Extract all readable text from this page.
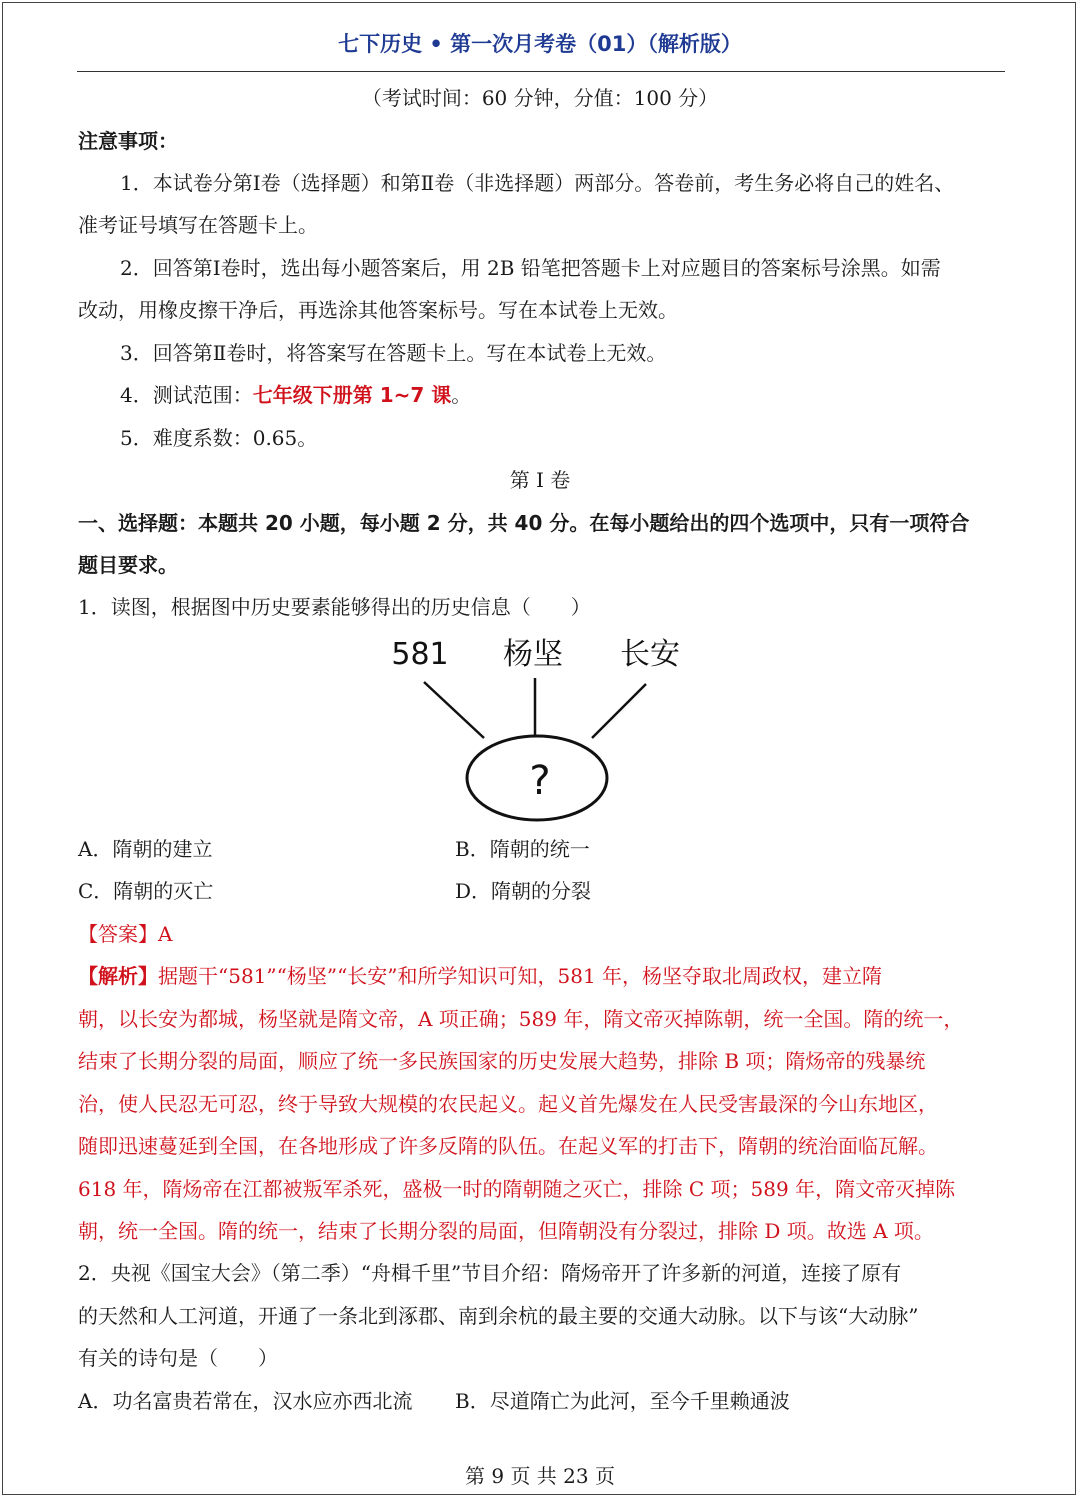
七下历史 • 第一次月考卷（01）（解析版）
（考试时间：60 分钟，分值：100 分）
注意事项：
1．本试卷分第Ⅰ卷（选择题）和第Ⅱ卷（非选择题）两部分。答卷前，考生务必将自己的姓名、
准考证号填写在答题卡上。
2．回答第Ⅰ卷时，选出每小题答案后，用 2B 铅笔把答题卡上对应题目的答案标号涂黑。如需
改动，用橡皮擦干净后，再选涂其他答案标号。写在本试卷上无效。
3．回答第Ⅱ卷时，将答案写在答题卡上。写在本试卷上无效。
4．测试范围：七年级下册第 1~7 课。
5．难度系数：0.65。
第 I 卷
一、选择题：本题共 20 小题，每小题 2 分，共 40 分。在每小题给出的四个选项中，只有一项符合
题目要求。
1．读图，根据图中历史要素能够得出的历史信息（　　）
581 杨坚 长安
?
A．隋朝的建立	B．隋朝的统一
C．隋朝的灭亡	D．隋朝的分裂
【答案】A
【解析】据题干“581”“杨坚”“长安”和所学知识可知，581 年，杨坚夺取北周政权，建立隋
朝，以长安为都城，杨坚就是隋文帝，A 项正确；589 年，隋文帝灭掉陈朝，统一全国。隋的统一，
结束了长期分裂的局面，顺应了统一多民族国家的历史发展大趋势，排除 B 项；隋炀帝的残暴统
治，使人民忍无可忍，终于导致大规模的农民起义。起义首先爆发在人民受害最深的今山东地区，
随即迅速蔓延到全国，在各地形成了许多反隋的队伍。在起义军的打击下，隋朝的统治面临瓦解。
618 年，隋炀帝在江都被叛军杀死，盛极一时的隋朝随之灭亡，排除 C 项；589 年，隋文帝灭掉陈
朝，统一全国。隋的统一，结束了长期分裂的局面，但隋朝没有分裂过，排除 D 项。故选 A 项。
2．央视《国宝大会》（第二季）“舟楫千里”节目介绍：隋炀帝开了许多新的河道，连接了原有
的天然和人工河道，开通了一条北到涿郡、南到余杭的最主要的交通大动脉。以下与该“大动脉”
有关的诗句是（　　）
A．功名富贵若常在，汉水应亦西北流 B．尽道隋亡为此河，至今千里赖通波
第 9 页 共 23 页
